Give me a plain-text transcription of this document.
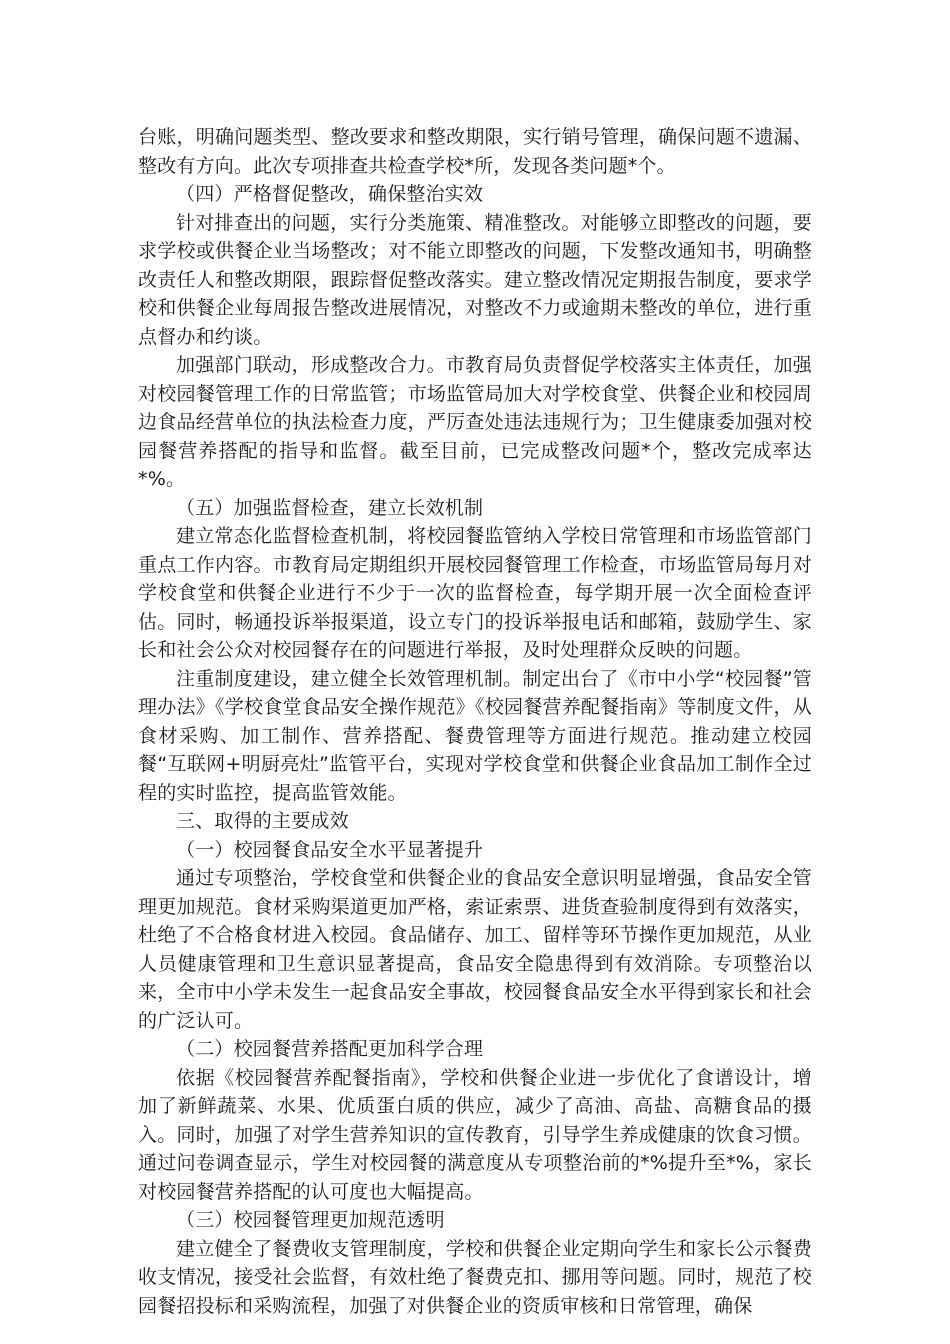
台账，明确问题类型、整改要求和整改期限，实行销号管理，确保问题不遗漏、整改有方向。此次专项排查共检查学校*所，发现各类问题*个。

（四）严格督促整改，确保整治实效

针对排查出的问题，实行分类施策、精准整改。对能够立即整改的问题，要求学校或供餐企业当场整改；对不能立即整改的问题，下发整改通知书，明确整改责任人和整改期限，跟踪督促整改落实。建立整改情况定期报告制度，要求学校和供餐企业每周报告整改进展情况，对整改不力或逾期未整改的单位，进行重点督办和约谈。

加强部门联动，形成整改合力。市教育局负责督促学校落实主体责任，加强对校园餐管理工作的日常监管；市场监管局加大对学校食堂、供餐企业和校园周边食品经营单位的执法检查力度，严厉查处违法违规行为；卫生健康委加强对校园餐营养搭配的指导和监督。截至目前，已完成整改问题*个，整改完成率达*%。

（五）加强监督检查，建立长效机制

建立常态化监督检查机制，将校园餐监管纳入学校日常管理和市场监管部门重点工作内容。市教育局定期组织开展校园餐管理工作检查，市场监管局每月对学校食堂和供餐企业进行不少于一次的监督检查，每学期开展一次全面检查评估。同时，畅通投诉举报渠道，设立专门的投诉举报电话和邮箱，鼓励学生、家长和社会公众对校园餐存在的问题进行举报，及时处理群众反映的问题。

注重制度建设，建立健全长效管理机制。制定出台了《市中小学“校园餐”管理办法》《学校食堂食品安全操作规范》《校园餐营养配餐指南》等制度文件，从食材采购、加工制作、营养搭配、餐费管理等方面进行规范。推动建立校园餐“互联网+明厨亮灶”监管平台，实现对学校食堂和供餐企业食品加工制作全过程的实时监控，提高监管效能。

三、取得的主要成效

（一）校园餐食品安全水平显著提升

通过专项整治，学校食堂和供餐企业的食品安全意识明显增强，食品安全管理更加规范。食材采购渠道更加严格，索证索票、进货查验制度得到有效落实，杜绝了不合格食材进入校园。食品储存、加工、留样等环节操作更加规范，从业人员健康管理和卫生意识显著提高，食品安全隐患得到有效消除。专项整治以来，全市中小学未发生一起食品安全事故，校园餐食品安全水平得到家长和社会的广泛认可。

（二）校园餐营养搭配更加科学合理

依据《校园餐营养配餐指南》，学校和供餐企业进一步优化了食谱设计，增加了新鲜蔬菜、水果、优质蛋白质的供应，减少了高油、高盐、高糖食品的摄入。同时，加强了对学生营养知识的宣传教育，引导学生养成健康的饮食习惯。通过问卷调查显示，学生对校园餐的满意度从专项整治前的*%提升至*%，家长对校园餐营养搭配的认可度也大幅提高。

（三）校园餐管理更加规范透明

建立健全了餐费收支管理制度，学校和供餐企业定期向学生和家长公示餐费收支情况，接受社会监督，有效杜绝了餐费克扣、挪用等问题。同时，规范了校园餐招投标和采购流程，加强了对供餐企业的资质审核和日常管理，确保
